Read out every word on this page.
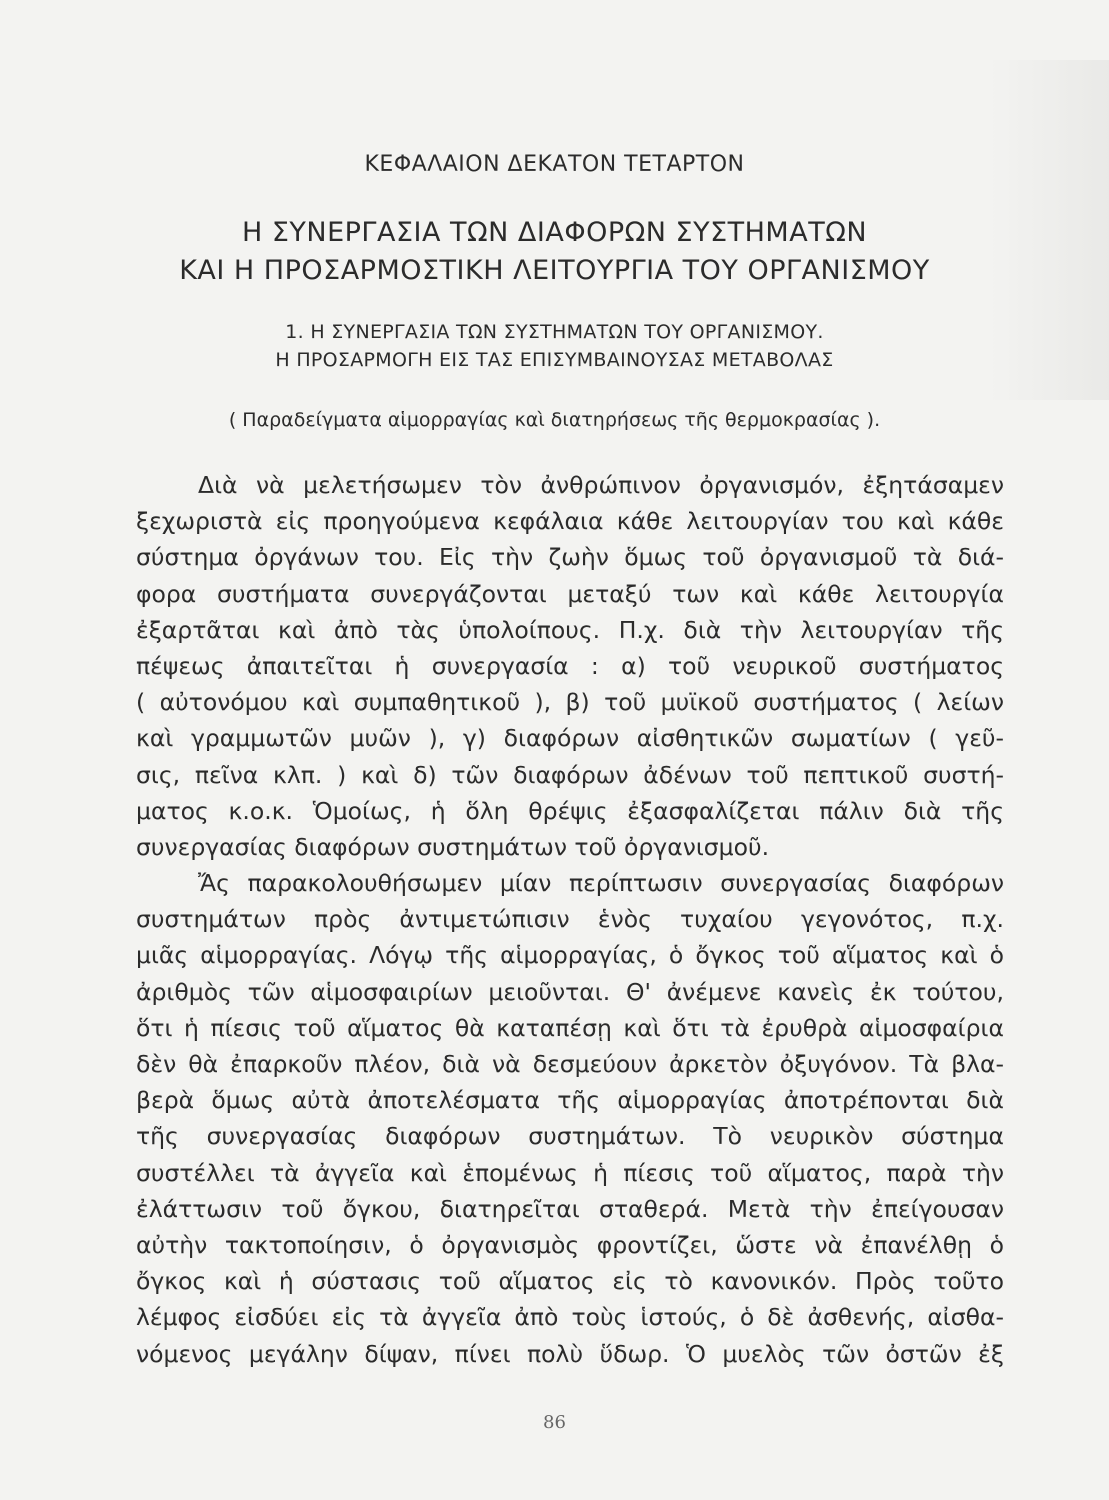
ΚΕΦΑΛΑΙΟΝ ΔΕΚΑΤΟΝ ΤΕΤΑΡΤΟΝ
Η ΣΥΝΕΡΓΑΣΙΑ ΤΩΝ ΔΙΑΦΟΡΩΝ ΣΥΣΤΗΜΑΤΩΝ
ΚΑΙ Η ΠΡΟΣΑΡΜΟΣΤΙΚΗ ΛΕΙΤΟΥΡΓΙΑ ΤΟΥ ΟΡΓΑΝΙΣΜΟΥ
1. Η ΣΥΝΕΡΓΑΣΙΑ ΤΩΝ ΣΥΣΤΗΜΑΤΩΝ ΤΟΥ ΟΡΓΑΝΙΣΜΟΥ.
Η ΠΡΟΣΑΡΜΟΓΗ ΕΙΣ ΤΑΣ ΕΠΙΣΥΜΒΑΙΝΟΥΣΑΣ ΜΕΤΑΒΟΛΑΣ
( Παραδείγματα αἱμορραγίας καὶ διατηρήσεως τῆς θερμοκρασίας ).
Διὰ νὰ μελετήσωμεν τὸν ἀνθρώπινον ὀργανισμόν, ἐξητάσαμεν
ξεχωριστὰ εἰς προηγούμενα κεφάλαια κάθε λειτουργίαν του καὶ κάθε
σύστημα ὀργάνων του. Εἰς τὴν ζωὴν ὅμως τοῦ ὀργανισμοῦ τὰ διά-
φορα συστήματα συνεργάζονται μεταξύ των καὶ κάθε λειτουργία
ἐξαρτᾶται καὶ ἀπὸ τὰς ὑπολοίπους. Π.χ. διὰ τὴν λειτουργίαν τῆς
πέψεως ἀπαιτεῖται ἡ συνεργασία : α) τοῦ νευρικοῦ συστήματος
( αὐτονόμου καὶ συμπαθητικοῦ ), β) τοῦ μυϊκοῦ συστήματος ( λείων
καὶ γραμμωτῶν μυῶν ), γ) διαφόρων αἰσθητικῶν σωματίων ( γεῦ-
σις, πεῖνα κλπ. ) καὶ δ) τῶν διαφόρων ἀδένων τοῦ πεπτικοῦ συστή-
ματος κ.ο.κ. Ὁμοίως, ἡ ὅλη θρέψις ἐξασφαλίζεται πάλιν διὰ τῆς
συνεργασίας διαφόρων συστημάτων τοῦ ὀργανισμοῦ.
Ἄς παρακολουθήσωμεν μίαν περίπτωσιν συνεργασίας διαφόρων
συστημάτων πρὸς ἀντιμετώπισιν ἑνὸς τυχαίου γεγονότος, π.χ.
μιᾶς αἱμορραγίας. Λόγῳ τῆς αἱμορραγίας, ὁ ὄγκος τοῦ αἵματος καὶ ὁ
ἀριθμὸς τῶν αἱμοσφαιρίων μειοῦνται. Θ' ἀνέμενε κανεὶς ἐκ τούτου,
ὅτι ἡ πίεσις τοῦ αἵματος θὰ καταπέσῃ καὶ ὅτι τὰ ἐρυθρὰ αἱμοσφαίρια
δὲν θὰ ἐπαρκοῦν πλέον, διὰ νὰ δεσμεύουν ἀρκετὸν ὀξυγόνον. Τὰ βλα-
βερὰ ὅμως αὐτὰ ἀποτελέσματα τῆς αἱμορραγίας ἀποτρέπονται διὰ
τῆς συνεργασίας διαφόρων συστημάτων. Τὸ νευρικὸν σύστημα
συστέλλει τὰ ἀγγεῖα καὶ ἑπομένως ἡ πίεσις τοῦ αἵματος, παρὰ τὴν
ἐλάττωσιν τοῦ ὄγκου, διατηρεῖται σταθερά. Μετὰ τὴν ἐπείγουσαν
αὐτὴν τακτοποίησιν, ὁ ὀργανισμὸς φροντίζει, ὥστε νὰ ἐπανέλθῃ ὁ
ὄγκος καὶ ἡ σύστασις τοῦ αἵματος εἰς τὸ κανονικόν. Πρὸς τοῦτο
λέμφος εἰσδύει εἰς τὰ ἀγγεῖα ἀπὸ τοὺς ἱστούς, ὁ δὲ ἀσθενής, αἰσθα-
νόμενος μεγάλην δίψαν, πίνει πολὺ ὕδωρ. Ὁ μυελὸς τῶν ὀστῶν ἐξ
86
